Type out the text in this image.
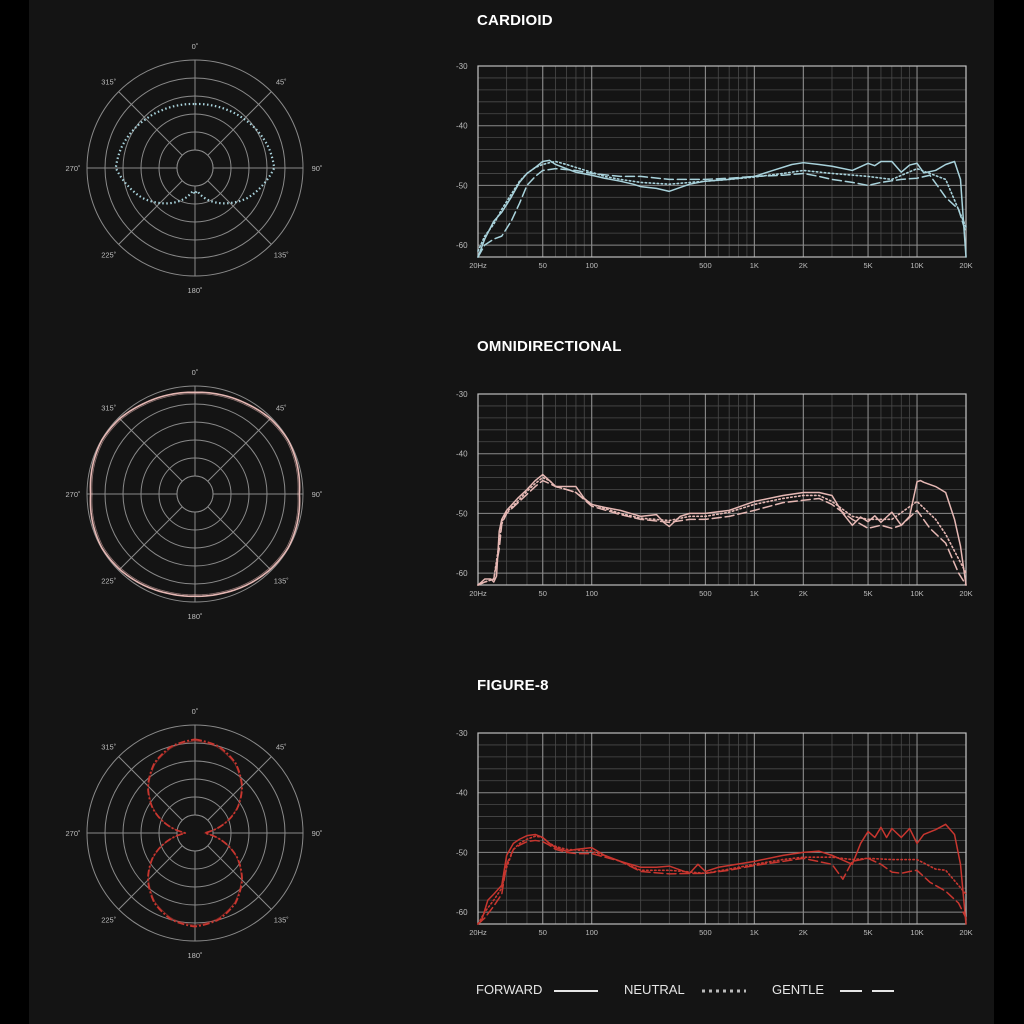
CARDIOID
OMNIDIRECTIONAL
FIGURE-8
0˚
45˚
90˚
135˚
180˚
225˚
270˚
315˚
0˚
45˚
90˚
135˚
180˚
225˚
270˚
315˚
0˚
45˚
90˚
135˚
180˚
225˚
270˚
315˚
-30
-40
-50
-60
20Hz	50	100	500	1K	2K	5K	10K	20K
-30
-40
-50
-60
20Hz	50	100	500	1K	2K	5K	10K	20K
-30
-40
-50
-60
20Hz	50	100	500	1K	2K	5K	10K	20K
FORWARD	NEUTRAL	GENTLE
